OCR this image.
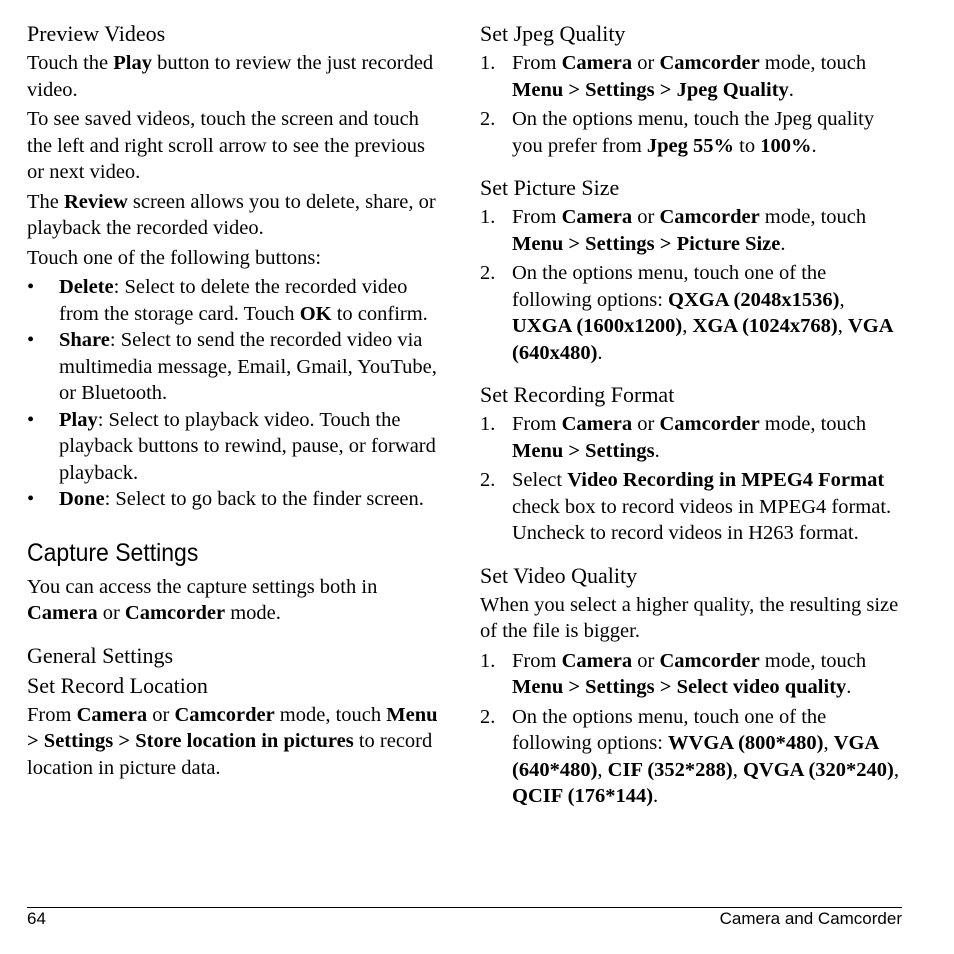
Preview Videos
Touch the Play button to review the just recorded video.
To see saved videos, touch the screen and touch the left and right scroll arrow to see the previous or next video.
The Review screen allows you to delete, share, or playback the recorded video.
Touch one of the following buttons:
• Delete: Select to delete the recorded video from the storage card. Touch OK to confirm.
• Share: Select to send the recorded video via multimedia message, Email, Gmail, YouTube, or Bluetooth.
• Play: Select to playback video. Touch the playback buttons to rewind, pause, or forward playback.
• Done: Select to go back to the finder screen.
Capture Settings
You can access the capture settings both in Camera or Camcorder mode.
General Settings
Set Record Location
From Camera or Camcorder mode, touch Menu > Settings > Store location in pictures to record location in picture data.
Set Jpeg Quality
1. From Camera or Camcorder mode, touch Menu > Settings > Jpeg Quality.
2. On the options menu, touch the Jpeg quality you prefer from Jpeg 55% to 100%.
Set Picture Size
1. From Camera or Camcorder mode, touch Menu > Settings > Picture Size.
2. On the options menu, touch one of the following options: QXGA (2048x1536), UXGA (1600x1200), XGA (1024x768), VGA (640x480).
Set Recording Format
1. From Camera or Camcorder mode, touch Menu > Settings.
2. Select Video Recording in MPEG4 Format check box to record videos in MPEG4 format. Uncheck to record videos in H263 format.
Set Video Quality
When you select a higher quality, the resulting size of the file is bigger.
1. From Camera or Camcorder mode, touch Menu > Settings > Select video quality.
2. On the options menu, touch one of the following options: WVGA (800*480), VGA (640*480), CIF (352*288), QVGA (320*240), QCIF (176*144).
64	Camera and Camcorder
